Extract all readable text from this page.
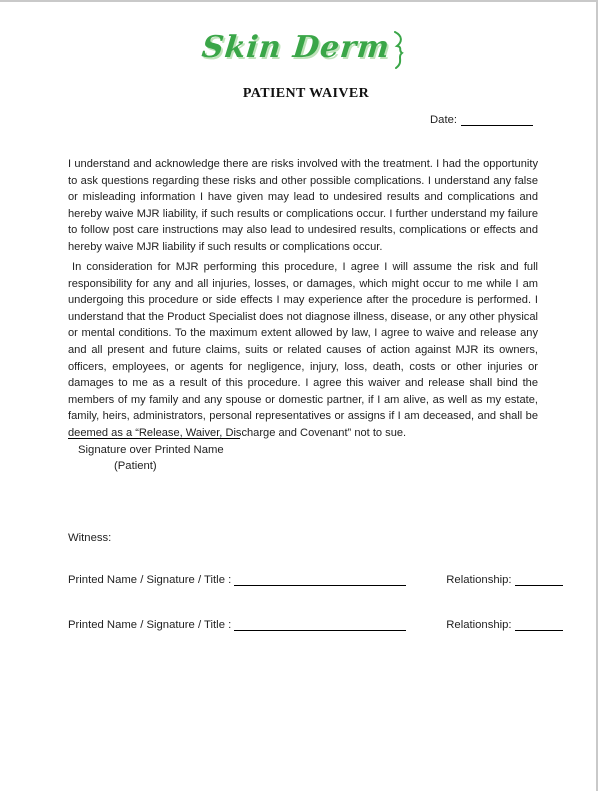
Skin Derm
PATIENT WAIVER
Date:
I understand and acknowledge there are risks involved with the treatment. I had the opportunity to ask questions regarding these risks and other possible complications. I understand any false or misleading information I have given may lead to undesired results and complications and hereby waive MJR liability, if such results or complications occur. I further understand my failure to follow post care instructions may also lead to undesired results, complications or effects and hereby waive MJR liability if such results or complications occur.
In consideration for MJR performing this procedure, I agree I will assume the risk and full responsibility for any and all injuries, losses, or damages, which might occur to me while I am undergoing this procedure or side effects I may experience after the procedure is performed. I understand that the Product Specialist does not diagnose illness, disease, or any other physical or mental conditions. To the maximum extent allowed by law, I agree to waive and release any and all present and future claims, suits or related causes of action against MJR its owners, officers, employees, or agents for negligence, injury, loss, death, costs or other injuries or damages to me as a result of this procedure. I agree this waiver and release shall bind the members of my family and any spouse or domestic partner, if I am alive, as well as my estate, family, heirs, administrators, personal representatives or assigns if I am deceased, and shall be deemed as a “Release, Waiver, Discharge and Covenant” not to sue.
Signature over Printed Name
(Patient)
Witness:
Printed Name / Signature / Title :	Relationship:
Printed Name / Signature / Title :	Relationship:
